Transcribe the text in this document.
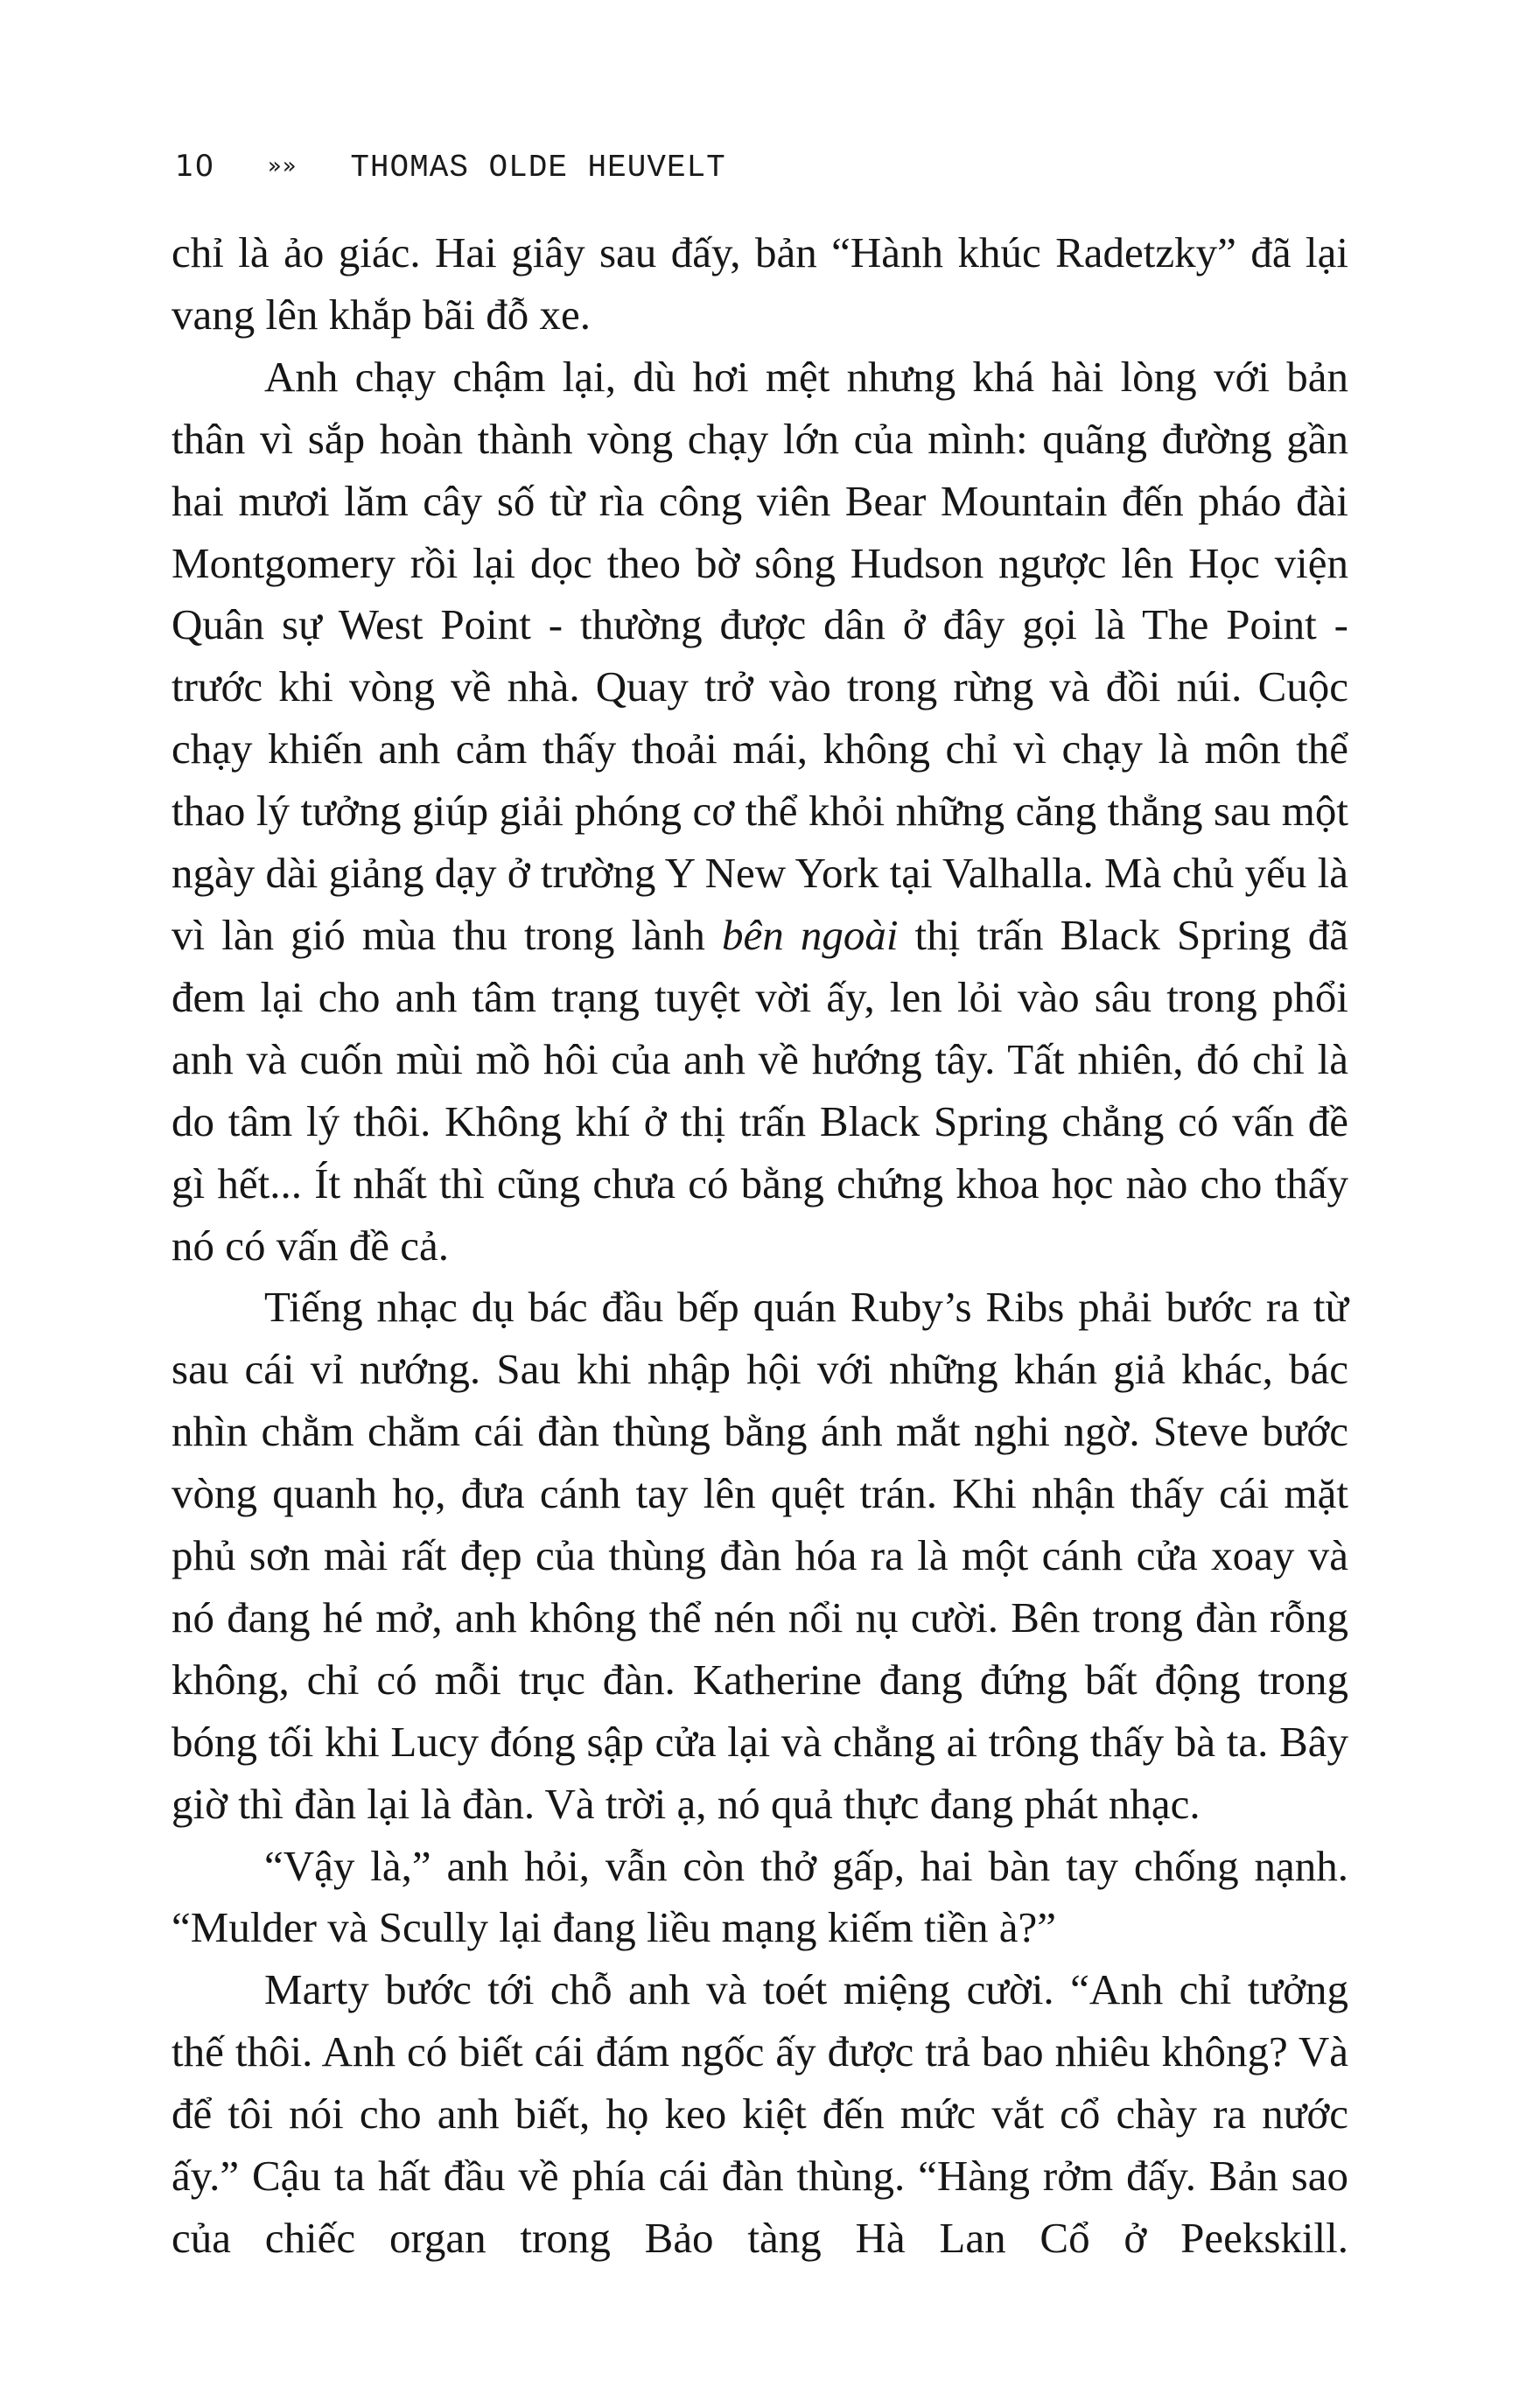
10 »» THOMAS OLDE HEUVELT

chỉ là ảo giác. Hai giây sau đấy, bản “Hành khúc Radetzky” đã lại vang lên khắp bãi đỗ xe.

Anh chạy chậm lại, dù hơi mệt nhưng khá hài lòng với bản thân vì sắp hoàn thành vòng chạy lớn của mình: quãng đường gần hai mươi lăm cây số từ rìa công viên Bear Mountain đến pháo đài Montgomery rồi lại dọc theo bờ sông Hudson ngược lên Học viện Quân sự West Point - thường được dân ở đây gọi là The Point - trước khi vòng về nhà. Quay trở vào trong rừng và đồi núi. Cuộc chạy khiến anh cảm thấy thoải mái, không chỉ vì chạy là môn thể thao lý tưởng giúp giải phóng cơ thể khỏi những căng thẳng sau một ngày dài giảng dạy ở trường Y New York tại Valhalla. Mà chủ yếu là vì làn gió mùa thu trong lành bên ngoài thị trấn Black Spring đã đem lại cho anh tâm trạng tuyệt vời ấy, len lỏi vào sâu trong phổi anh và cuốn mùi mồ hôi của anh về hướng tây. Tất nhiên, đó chỉ là do tâm lý thôi. Không khí ở thị trấn Black Spring chẳng có vấn đề gì hết... Ít nhất thì cũng chưa có bằng chứng khoa học nào cho thấy nó có vấn đề cả.

Tiếng nhạc dụ bác đầu bếp quán Ruby’s Ribs phải bước ra từ sau cái vỉ nướng. Sau khi nhập hội với những khán giả khác, bác nhìn chằm chằm cái đàn thùng bằng ánh mắt nghi ngờ. Steve bước vòng quanh họ, đưa cánh tay lên quệt trán. Khi nhận thấy cái mặt phủ sơn mài rất đẹp của thùng đàn hóa ra là một cánh cửa xoay và nó đang hé mở, anh không thể nén nổi nụ cười. Bên trong đàn rỗng không, chỉ có mỗi trục đàn. Katherine đang đứng bất động trong bóng tối khi Lucy đóng sập cửa lại và chẳng ai trông thấy bà ta. Bây giờ thì đàn lại là đàn. Và trời ạ, nó quả thực đang phát nhạc.

“Vậy là,” anh hỏi, vẫn còn thở gấp, hai bàn tay chống nạnh. “Mulder và Scully lại đang liều mạng kiếm tiền à?”

Marty bước tới chỗ anh và toét miệng cười. “Anh chỉ tưởng thế thôi. Anh có biết cái đám ngốc ấy được trả bao nhiêu không? Và để tôi nói cho anh biết, họ keo kiệt đến mức vắt cổ chày ra nước ấy.” Cậu ta hất đầu về phía cái đàn thùng. “Hàng rởm đấy. Bản sao của chiếc organ trong Bảo tàng Hà Lan Cổ ở Peekskill.
